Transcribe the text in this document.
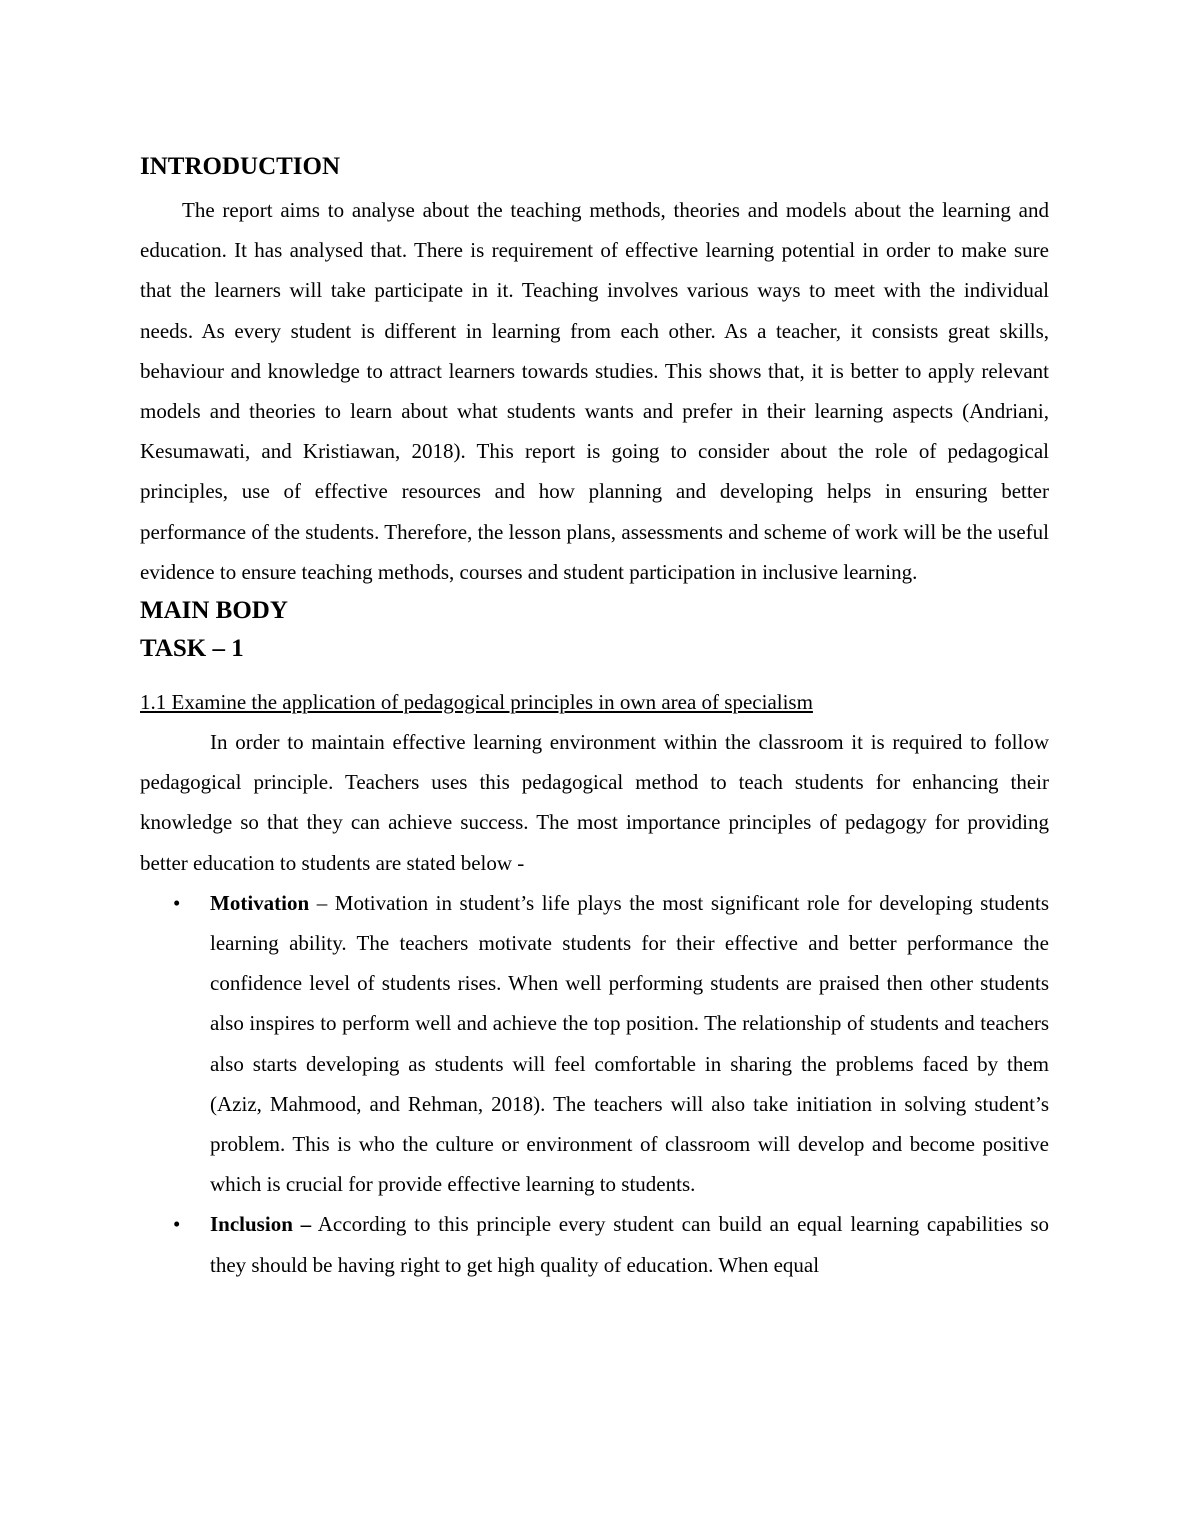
INTRODUCTION

The report aims to analyse about the teaching methods, theories and models about the learning and education. It has analysed that. There is requirement of effective learning potential in order to make sure that the learners will take participate in it. Teaching involves various ways to meet with the individual needs. As every student is different in learning from each other. As a teacher, it consists great skills, behaviour and knowledge to attract learners towards studies. This shows that, it is better to apply relevant models and theories to learn about what students wants and prefer in their learning aspects (Andriani, Kesumawati, and Kristiawan, 2018). This report is going to consider about the role of pedagogical principles, use of effective resources and how planning and developing helps in ensuring better performance of the students. Therefore, the lesson plans, assessments and scheme of work will be the useful evidence to ensure teaching methods, courses and student participation in inclusive learning.

MAIN BODY
TASK – 1

1.1 Examine the application of pedagogical principles in own area of specialism

In order to maintain effective learning environment within the classroom it is required to follow pedagogical principle. Teachers uses this pedagogical method to teach students for enhancing their knowledge so that they can achieve success. The most importance principles of pedagogy for providing better education to students are stated below -

• Motivation – Motivation in student’s life plays the most significant role for developing students learning ability. The teachers motivate students for their effective and better performance the confidence level of students rises. When well performing students are praised then other students also inspires to perform well and achieve the top position. The relationship of students and teachers also starts developing as students will feel comfortable in sharing the problems faced by them (Aziz, Mahmood, and Rehman, 2018). The teachers will also take initiation in solving student’s problem. This is who the culture or environment of classroom will develop and become positive which is crucial for provide effective learning to students.
• Inclusion – According to this principle every student can build an equal learning capabilities so they should be having right to get high quality of education. When equal
